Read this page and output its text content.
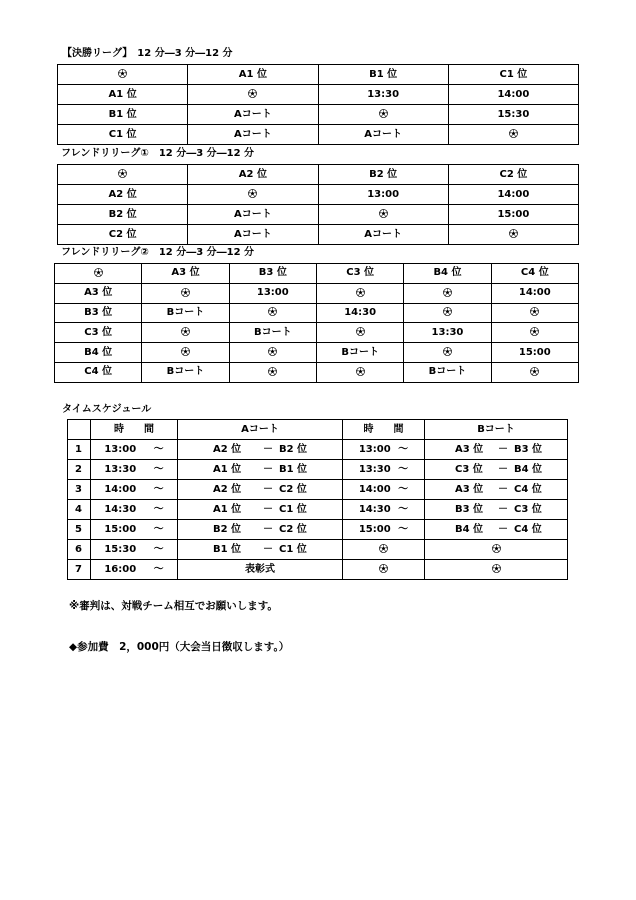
【決勝リーグ】　12 分―3 分―12 分
	A1 位	B1 位	C1 位
A1 位		13:30	14:00
B1 位	Aコート		15:30
C1 位	Aコート	Aコート	
フレンドリリーグ①　12 分―3 分―12 分
	A2 位	B2 位	C2 位
A2 位		13:00	14:00
B2 位	Aコート		15:00
C2 位	Aコート	Aコート	
フレンドリリーグ②　12 分―3 分―12 分
	A3 位	B3 位	C3 位	B4 位	C4 位
A3 位		13:00			14:00
B3 位	Bコート		14:30		
C3 位		Bコート		13:30	
B4 位			Bコート		15:00
C4 位	Bコート			Bコート	
タイムスケジュール
	時　　間	Aコート	時　　間	Bコート
1	13:00 ～	A2 位 － B2 位	13:00 ～	A3 位 － B3 位
2	13:30 ～	A1 位 － B1 位	13:30 ～	C3 位 － B4 位
3	14:00 ～	A2 位 － C2 位	14:00 ～	A3 位 － C4 位
4	14:30 ～	A1 位 － C1 位	14:30 ～	B3 位 － C3 位
5	15:00 ～	B2 位 － C2 位	15:00 ～	B4 位 － C4 位
6	15:30 ～	B1 位 － C1 位		
7	16:00 ～	表彰式		
※審判は、対戦チーム相互でお願いします。
◆参加費　2，000円（大会当日徴収します。）
